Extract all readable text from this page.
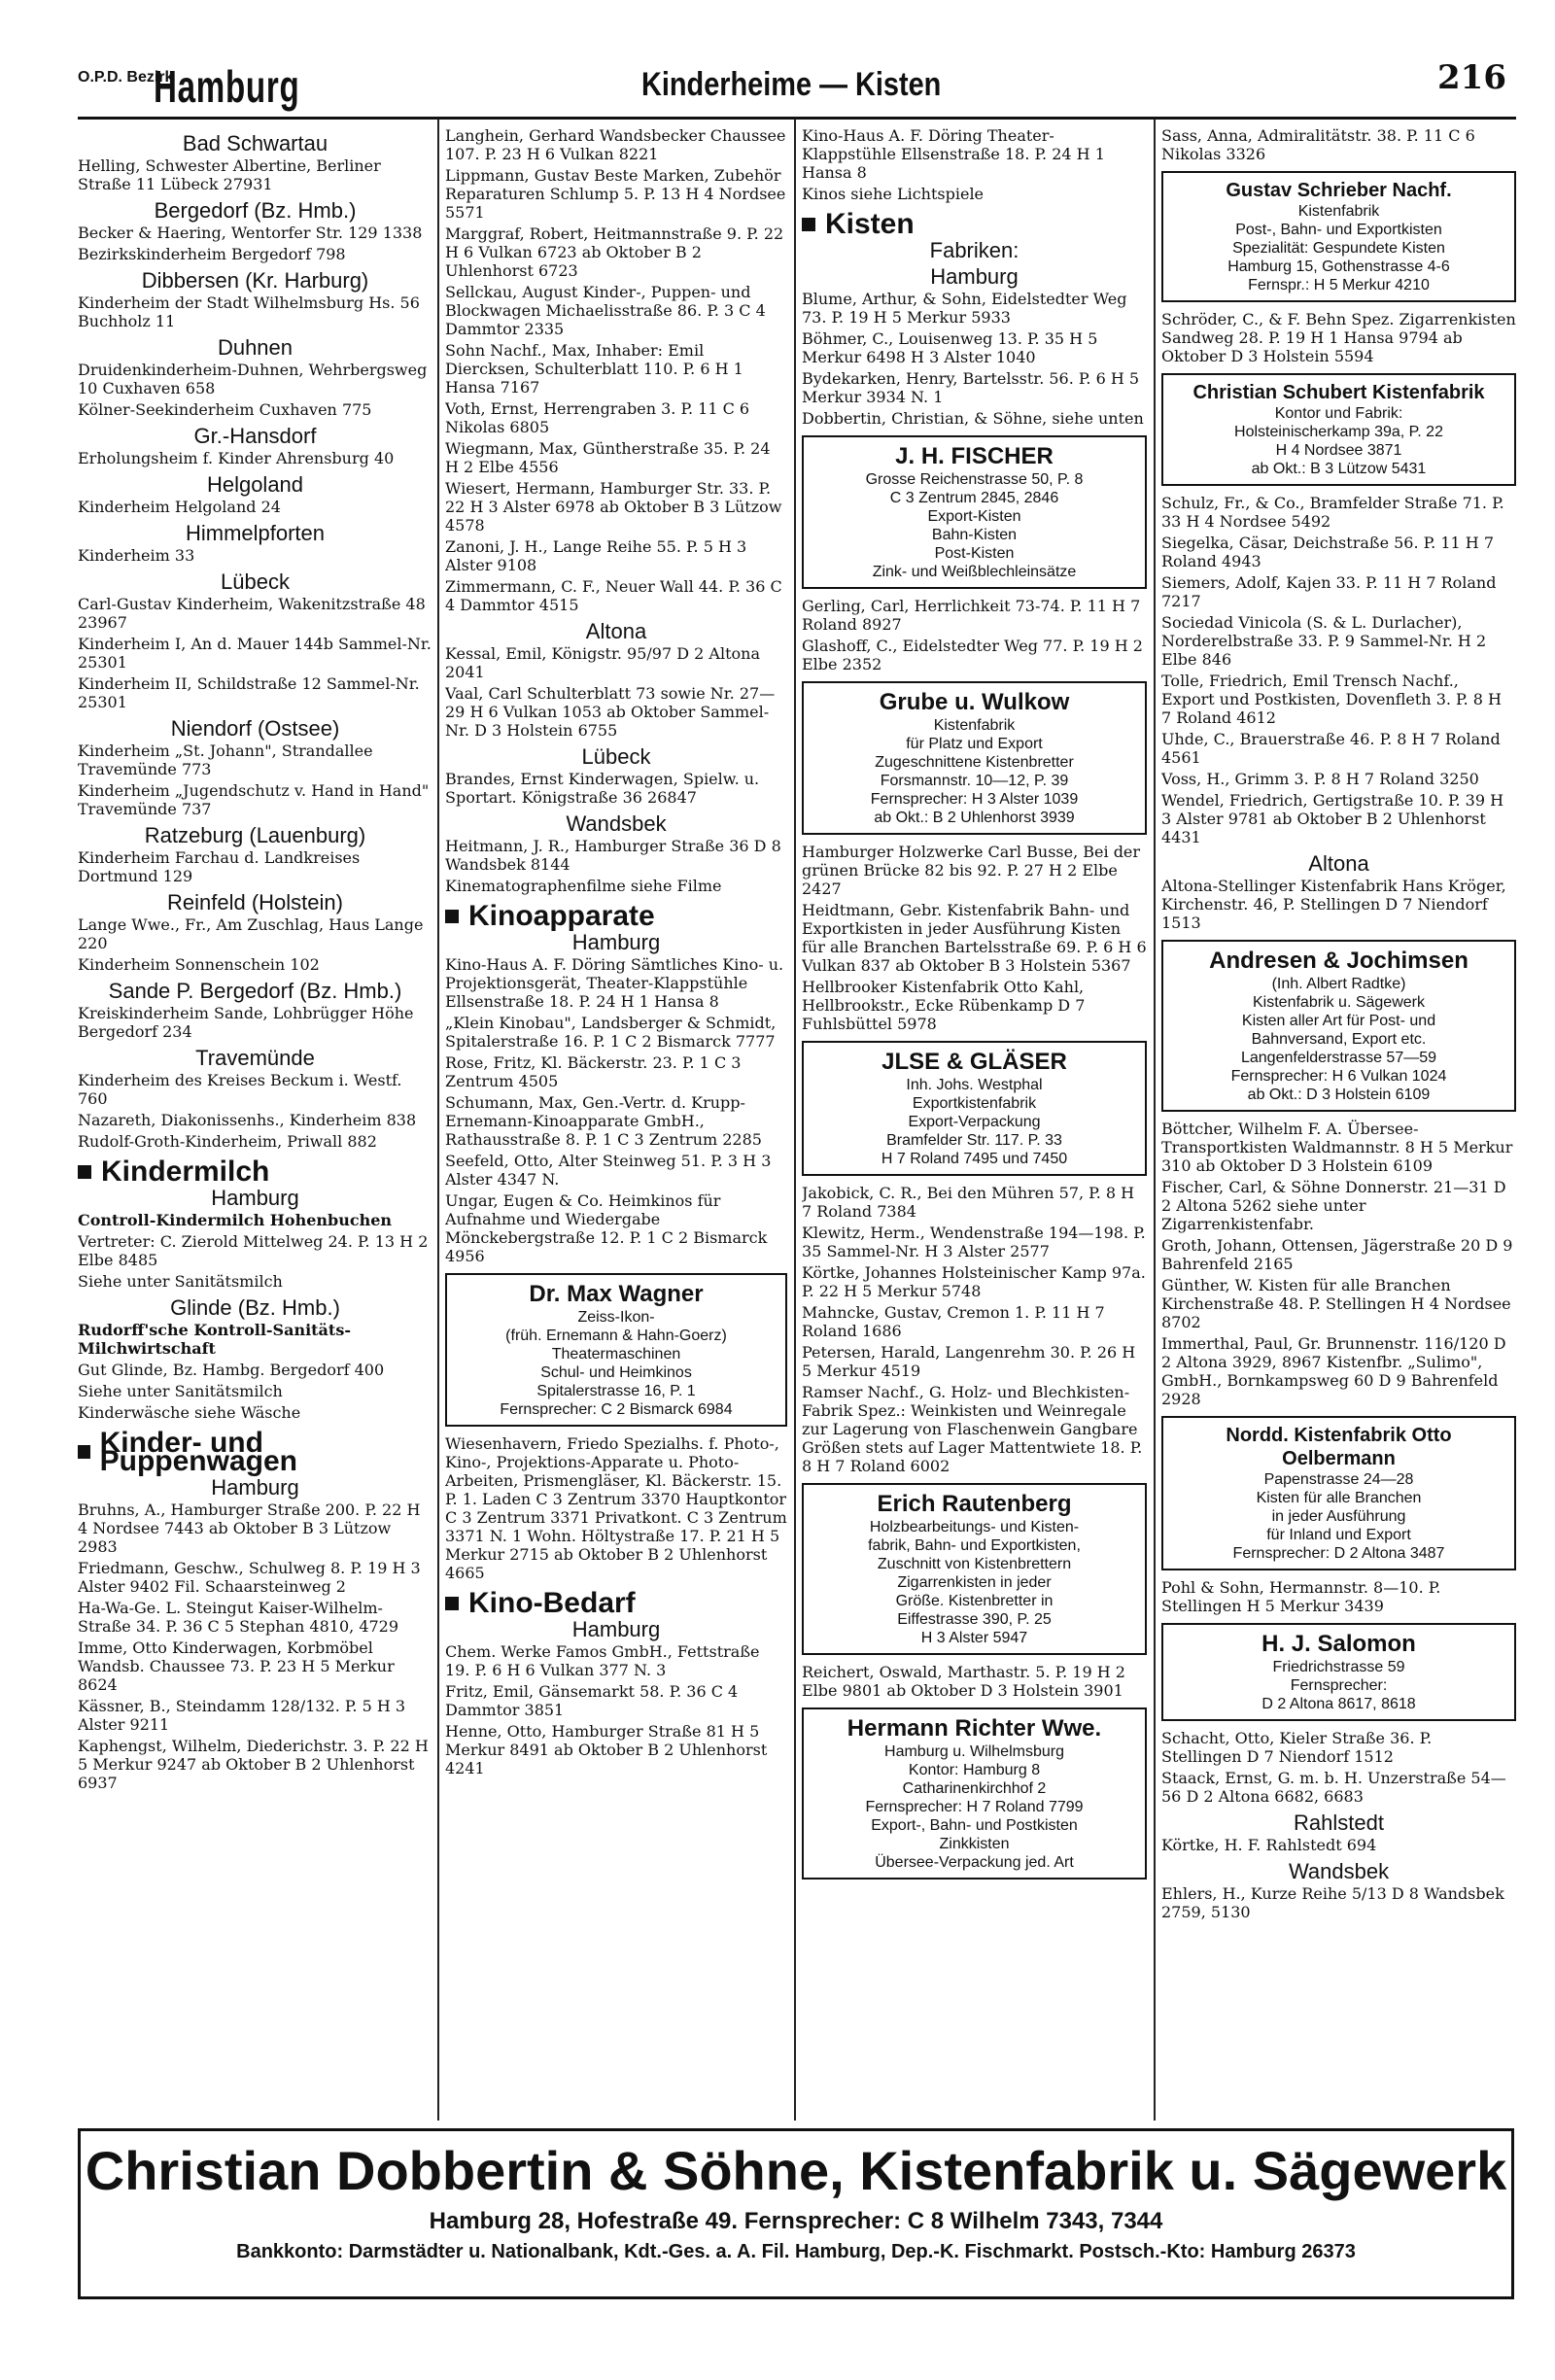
O.P.D. Bezirk
Hamburg	Kinderheime — Kisten	216
Bad Schwartau
Helling, Schwester Albertine, Berliner Straße 11 Lübeck 27931
Bergedorf (Bz. Hmb.)
Becker & Haering, Wentorfer Str. 129 1338
Bezirkskinderheim Bergedorf 798
Dibbersen (Kr. Harburg)
Kinderheim der Stadt Wilhelmsburg Hs. 56 Buchholz 11
Duhnen
Druidenkinderheim-Duhnen, Wehrbergsweg 10 Cuxhaven 658
Kölner-Seekinderheim Cuxhaven 775
Gr.-Hansdorf
Erholungsheim f. Kinder Ahrensburg 40
Helgoland
Kinderheim Helgoland 24
Himmelpforten
Kinderheim 33
Lübeck
Carl-Gustav Kinderheim, Wakenitzstraße 48 23967
Kinderheim I, An d. Mauer 144b Sammel-Nr. 25301
Kinderheim II, Schildstraße 12 Sammel-Nr. 25301
Niendorf (Ostsee)
Kinderheim „St. Johann", Strandallee Travemünde 773
Kinderheim „Jugendschutz v. Hand in Hand" Travemünde 737
Ratzeburg (Lauenburg)
Kinderheim Farchau d. Landkreises Dortmund 129
Reinfeld (Holstein)
Lange Wwe., Fr., Am Zuschlag, Haus Lange 220
Kinderheim Sonnenschein 102
Sande P. Bergedorf (Bz. Hmb.)
Kreiskinderheim Sande, Lohbrügger Höhe Bergedorf 234
Travemünde
Kinderheim des Kreises Beckum i. Westf. 760
Nazareth, Diakonissenhs., Kinderheim 838
Rudolf-Groth-Kinderheim, Priwall 882
Kindermilch
Hamburg
Controll-Kindermilch Hohenbuchen
Vertreter: C. Zierold Mittelweg 24. P. 13 H 2 Elbe 8485
Siehe unter Sanitätsmilch
Glinde (Bz. Hmb.)
Rudorff'sche Kontroll-Sanitäts-Milchwirtschaft
Gut Glinde, Bz. Hambg. Bergedorf 400
Siehe unter Sanitätsmilch
Kinderwäsche siehe Wäsche
Kinder- und Puppenwagen
Hamburg
Bruhns, A., Hamburger Straße 200. P. 22 H 4 Nordsee 7443 ab Oktober B 3 Lützow 2983
Friedmann, Geschw., Schulweg 8. P. 19 H 3 Alster 9402 Fil. Schaarsteinweg 2
Ha-Wa-Ge. L. Steingut Kaiser-Wilhelm-Straße 34. P. 36 C 5 Stephan 4810, 4729
Imme, Otto Kinderwagen, Korbmöbel Wandsb. Chaussee 73. P. 23 H 5 Merkur 8624
Kässner, B., Steindamm 128/132. P. 5 H 3 Alster 9211
Kaphengst, Wilhelm, Diederichstr. 3. P. 22 H 5 Merkur 9247 ab Oktober B 2 Uhlenhorst 6937
Langhein, Gerhard Wandsbecker Chaussee 107. P. 23 H 6 Vulkan 8221
Lippmann, Gustav Beste Marken, Zubehör Reparaturen Schlump 5. P. 13 H 4 Nordsee 5571
Marggraf, Robert, Heitmannstraße 9. P. 22 H 6 Vulkan 6723 ab Oktober B 2 Uhlenhorst 6723
Sellckau, August Kinder-, Puppen- und Blockwagen Michaelisstraße 86. P. 3 C 4 Dammtor 2335
Sohn Nachf., Max, Inhaber: Emil Diercksen, Schulterblatt 110. P. 6 H 1 Hansa 7167
Voth, Ernst, Herrengraben 3. P. 11 C 6 Nikolas 6805
Wiegmann, Max, Güntherstraße 35. P. 24 H 2 Elbe 4556
Wiesert, Hermann, Hamburger Str. 33. P. 22 H 3 Alster 6978 ab Oktober B 3 Lützow 4578
Zanoni, J. H., Lange Reihe 55. P. 5 H 3 Alster 9108
Zimmermann, C. F., Neuer Wall 44. P. 36 C 4 Dammtor 4515
Altona
Kessal, Emil, Königstr. 95/97 D 2 Altona 2041
Vaal, Carl Schulterblatt 73 sowie Nr. 27—29 H 6 Vulkan 1053 ab Oktober Sammel-Nr. D 3 Holstein 6755
Lübeck
Brandes, Ernst Kinderwagen, Spielw. u. Sportart. Königstraße 36 26847
Wandsbek
Heitmann, J. R., Hamburger Straße 36 D 8 Wandsbek 8144
Kinematographenfilme siehe Filme
Kinoapparate
Hamburg
Kino-Haus A. F. Döring Sämtliches Kino- u. Projektionsgerät, Theater-Klappstühle Ellsenstraße 18. P. 24 H 1 Hansa 8
„Klein Kinobau", Landsberger & Schmidt, Spitalerstraße 16. P. 1 C 2 Bismarck 7777
Rose, Fritz, Kl. Bäckerstr. 23. P. 1 C 3 Zentrum 4505
Schumann, Max, Gen.-Vertr. d. Krupp-Ernemann-Kinoapparate GmbH., Rathausstraße 8. P. 1 C 3 Zentrum 2285
Seefeld, Otto, Alter Steinweg 51. P. 3 H 3 Alster 4347 N.
Ungar, Eugen & Co. Heimkinos für Aufnahme und Wiedergabe Mönckebergstraße 12. P. 1 C 2 Bismarck 4956
Dr. Max Wagner
Zeiss-Ikon-
(früh. Ernemann & Hahn-Goerz)
Theatermaschinen
Schul- und Heimkinos
Spitalerstrasse 16, P. 1
Fernsprecher: C 2 Bismarck 6984
Wiesenhavern, Friedo Spezialhs. f. Photo-, Kino-, Projektions-Apparate u. Photo-Arbeiten, Prismengläser, Kl. Bäckerstr. 15. P. 1. Laden C 3 Zentrum 3370 Hauptkontor C 3 Zentrum 3371 Privatkont. C 3 Zentrum 3371 N. 1 Wohn. Höltystraße 17. P. 21 H 5 Merkur 2715 ab Oktober B 2 Uhlenhorst 4665
Kino-Bedarf
Hamburg
Chem. Werke Famos GmbH., Fettstraße 19. P. 6 H 6 Vulkan 377 N. 3
Fritz, Emil, Gänsemarkt 58. P. 36 C 4 Dammtor 3851
Henne, Otto, Hamburger Straße 81 H 5 Merkur 8491 ab Oktober B 2 Uhlenhorst 4241
Kino-Haus A. F. Döring Theater-Klappstühle Ellsenstraße 18. P. 24 H 1 Hansa 8
Kinos siehe Lichtspiele
Kisten
Fabriken:
Hamburg
Blume, Arthur, & Sohn, Eidelstedter Weg 73. P. 19 H 5 Merkur 5933
Böhmer, C., Louisenweg 13. P. 35 H 5 Merkur 6498 H 3 Alster 1040
Bydekarken, Henry, Bartelsstr. 56. P. 6 H 5 Merkur 3934 N. 1
Dobbertin, Christian, & Söhne, siehe unten
J. H. FISCHER
Grosse Reichenstrasse 50, P. 8
C 3 Zentrum 2845, 2846
Export-Kisten
Bahn-Kisten
Post-Kisten
Zink- und Weißblechleinsätze
Gerling, Carl, Herrlichkeit 73-74. P. 11 H 7 Roland 8927
Glashoff, C., Eidelstedter Weg 77. P. 19 H 2 Elbe 2352
Grube u. Wulkow
Kistenfabrik
für Platz und Export
Zugeschnittene Kistenbretter
Forsmannstr. 10—12, P. 39
Fernsprecher: H 3 Alster 1039
ab Okt.: B 2 Uhlenhorst 3939
Hamburger Holzwerke Carl Busse, Bei der grünen Brücke 82 bis 92. P. 27 H 2 Elbe 2427
Heidtmann, Gebr. Kistenfabrik Bahn- und Exportkisten in jeder Ausführung Kisten für alle Branchen Bartelsstraße 69. P. 6 H 6 Vulkan 837 ab Oktober B 3 Holstein 5367
Hellbrooker Kistenfabrik Otto Kahl, Hellbrookstr., Ecke Rübenkamp D 7 Fuhlsbüttel 5978
JLSE & GLÄSER
Inh. Johs. Westphal
Exportkistenfabrik
Export-Verpackung
Bramfelder Str. 117. P. 33
H 7 Roland 7495 und 7450
Jakobick, C. R., Bei den Mühren 57, P. 8 H 7 Roland 7384
Klewitz, Herm., Wendenstraße 194—198. P. 35 Sammel-Nr. H 3 Alster 2577
Körtke, Johannes Holsteinischer Kamp 97a. P. 22 H 5 Merkur 5748
Mahncke, Gustav, Cremon 1. P. 11 H 7 Roland 1686
Petersen, Harald, Langenrehm 30. P. 26 H 5 Merkur 4519
Ramser Nachf., G. Holz- und Blechkisten-Fabrik Spez.: Weinkisten und Weinregale zur Lagerung von Flaschenwein Gangbare Größen stets auf Lager Mattentwiete 18. P. 8 H 7 Roland 6002
Erich Rautenberg
Holzbearbeitungs- und Kisten-
fabrik, Bahn- und Exportkisten,
Zuschnitt von Kistenbrettern
Zigarrenkisten in jeder
Größe. Kistenbretter in
Eiffestrasse 390, P. 25
H 3 Alster 5947
Reichert, Oswald, Marthastr. 5. P. 19 H 2 Elbe 9801 ab Oktober D 3 Holstein 3901
Hermann Richter Wwe.
Hamburg u. Wilhelmsburg
Kontor: Hamburg 8
Catharinenkirchhof 2
Fernsprecher: H 7 Roland 7799
Export-, Bahn- und Postkisten
Zinkkisten
Übersee-Verpackung jed. Art
Sass, Anna, Admiralitätstr. 38. P. 11 C 6 Nikolas 3326
Gustav Schrieber Nachf.
Kistenfabrik
Post-, Bahn- und Exportkisten
Spezialität: Gespundete Kisten
Hamburg 15, Gothenstrasse 4-6
Fernspr.: H 5 Merkur 4210
Schröder, C., & F. Behn Spez. Zigarrenkisten Sandweg 28. P. 19 H 1 Hansa 9794 ab Oktober D 3 Holstein 5594
Christian Schubert Kistenfabrik
Kontor und Fabrik:
Holsteinischerkamp 39a, P. 22
H 4 Nordsee 3871
ab Okt.: B 3 Lützow 5431
Schulz, Fr., & Co., Bramfelder Straße 71. P. 33 H 4 Nordsee 5492
Siegelka, Cäsar, Deichstraße 56. P. 11 H 7 Roland 4943
Siemers, Adolf, Kajen 33. P. 11 H 7 Roland 7217
Sociedad Vinicola (S. & L. Durlacher), Norderelbstraße 33. P. 9 Sammel-Nr. H 2 Elbe 846
Tolle, Friedrich, Emil Trensch Nachf., Export und Postkisten, Dovenfleth 3. P. 8 H 7 Roland 4612
Uhde, C., Brauerstraße 46. P. 8 H 7 Roland 4561
Voss, H., Grimm 3. P. 8 H 7 Roland 3250
Wendel, Friedrich, Gertigstraße 10. P. 39 H 3 Alster 9781 ab Oktober B 2 Uhlenhorst 4431
Altona
Altona-Stellinger Kistenfabrik Hans Kröger, Kirchenstr. 46, P. Stellingen D 7 Niendorf 1513
Andresen & Jochimsen
(Inh. Albert Radtke)
Kistenfabrik u. Sägewerk
Kisten aller Art für Post- und
Bahnversand, Export etc.
Langenfelderstrasse 57—59
Fernsprecher: H 6 Vulkan 1024
ab Okt.: D 3 Holstein 6109
Böttcher, Wilhelm F. A. Übersee-Transportkisten Waldmannstr. 8 H 5 Merkur 310 ab Oktober D 3 Holstein 6109
Fischer, Carl, & Söhne Donnerstr. 21—31 D 2 Altona 5262 siehe unter Zigarrenkistenfabr.
Groth, Johann, Ottensen, Jägerstraße 20 D 9 Bahrenfeld 2165
Günther, W. Kisten für alle Branchen Kirchenstraße 48. P. Stellingen H 4 Nordsee 8702
Immerthal, Paul, Gr. Brunnenstr. 116/120 D 2 Altona 3929, 8967 Kistenfbr. „Sulimo", GmbH., Bornkampsweg 60 D 9 Bahrenfeld 2928
Nordd. Kistenfabrik Otto Oelbermann
Papenstrasse 24—28
Kisten für alle Branchen
in jeder Ausführung
für Inland und Export
Fernsprecher: D 2 Altona 3487
Pohl & Sohn, Hermannstr. 8—10. P. Stellingen H 5 Merkur 3439
H. J. Salomon
Friedrichstrasse 59
Fernsprecher:
D 2 Altona 8617, 8618
Schacht, Otto, Kieler Straße 36. P. Stellingen D 7 Niendorf 1512
Staack, Ernst, G. m. b. H. Unzerstraße 54—56 D 2 Altona 6682, 6683
Rahlstedt
Körtke, H. F. Rahlstedt 694
Wandsbek
Ehlers, H., Kurze Reihe 5/13 D 8 Wandsbek 2759, 5130
Christian Dobbertin & Söhne, Kistenfabrik u. Sägewerk
Hamburg 28, Hofestraße 49. Fernsprecher: C 8 Wilhelm 7343, 7344
Bankkonto: Darmstädter u. Nationalbank, Kdt.-Ges. a. A. Fil. Hamburg, Dep.-K. Fischmarkt. Postsch.-Kto: Hamburg 26373
